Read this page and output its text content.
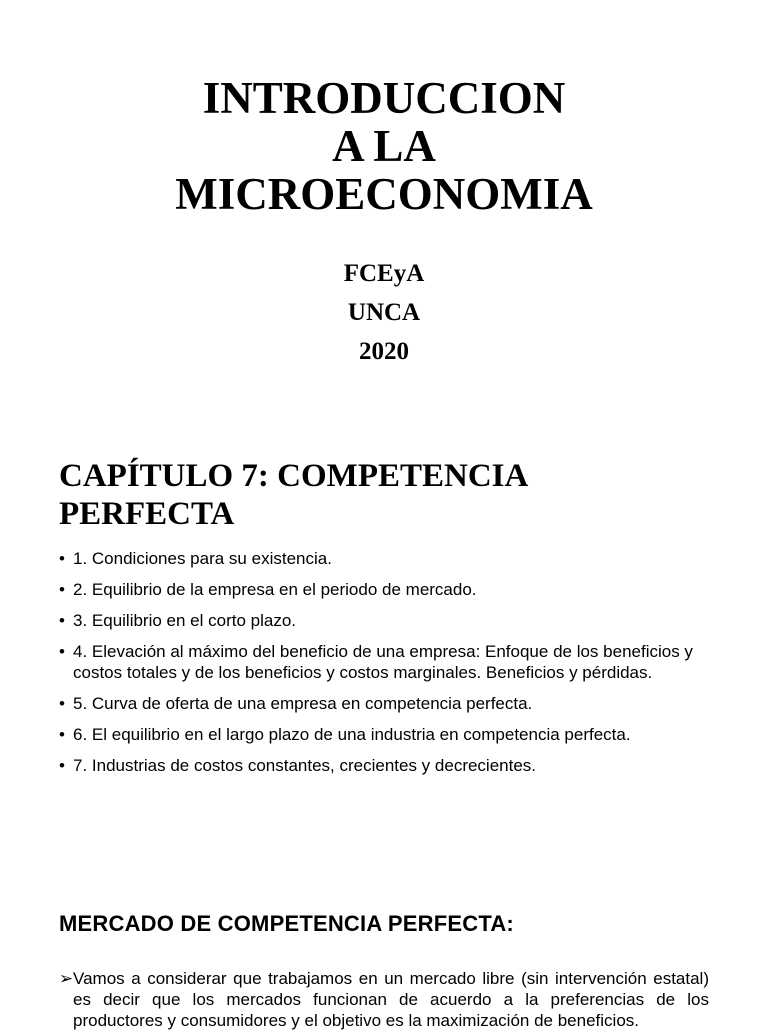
INTRODUCCION
A LA
MICROECONOMIA
FCEyA
UNCA
2020
CAPÍTULO 7: COMPETENCIA
PERFECTA
• 1. Condiciones para su existencia.
• 2. Equilibrio de la empresa en el periodo de mercado.
• 3. Equilibrio en el corto plazo.
• 4. Elevación al máximo del beneficio de una empresa: Enfoque de los beneficios y costos totales y de los beneficios y costos marginales. Beneficios y pérdidas.
• 5. Curva de oferta de una empresa en competencia perfecta.
• 6. El equilibrio en el largo plazo de una industria en competencia perfecta.
• 7. Industrias de costos constantes, crecientes y decrecientes.
MERCADO DE COMPETENCIA PERFECTA:
➢Vamos a considerar que trabajamos en un mercado libre (sin intervención estatal) es decir que los mercados funcionan de acuerdo a la preferencias de los productores y consumidores y el objetivo es la maximización de beneficios.
